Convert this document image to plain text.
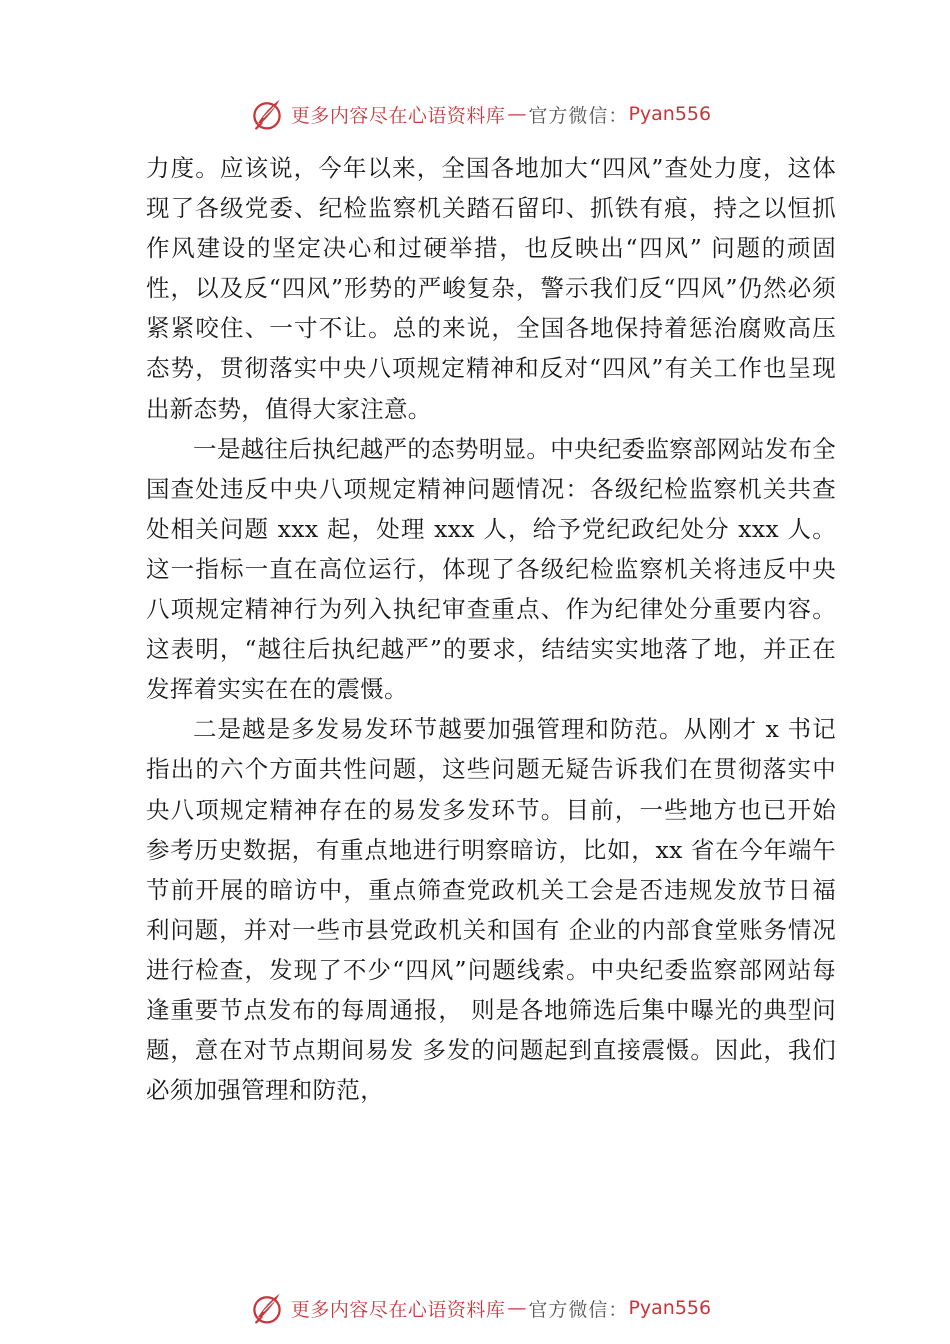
更多内容尽在心语资料库 — 官方微信： Pyan556

力度。应该说，今年以来，全国各地加大“四风”查处力度，这体现了各级党委、纪检监察机关踏石留印、抓铁有痕，持之以恒抓作风建设的坚定决心和过硬举措，也反映出“四风” 问题的顽固性，以及反“四风”形势的严峻复杂，警示我们反“四风”仍然必须紧紧咬住、一寸不让。总的来说，全国各地保持着惩治腐败高压态势，贯彻落实中央八项规定精神和反对“四风”有关工作也呈现出新态势，值得大家注意。

一是越往后执纪越严的态势明显。中央纪委监察部网站发布全国查处违反中央八项规定精神问题情况：各级纪检监察机关共查处相关问题 xxx 起，处理 xxx 人，给予党纪政纪处分 xxx 人。这一指标一直在高位运行，体现了各级纪检监察机关将违反中央八项规定精神行为列入执纪审查重点、作为纪律处分重要内容。这表明，“越往后执纪越严”的要求，结结实实地落了地，并正在发挥着实实在在的震慑。

二是越是多发易发环节越要加强管理和防范。从刚才 x 书记指出的六个方面共性问题，这些问题无疑告诉我们在贯彻落实中央八项规定精神存在的易发多发环节。目前，一些地方也已开始参考历史数据，有重点地进行明察暗访，比如，xx 省在今年端午节前开展的暗访中，重点筛查党政机关工会是否违规发放节日福利问题，并对一些市县党政机关和国有 企业的内部食堂账务情况进行检查，发现了不少“四风”问题线索。中央纪委监察部网站每逢重要节点发布的每周通报， 则是各地筛选后集中曝光的典型问题，意在对节点期间易发 多发的问题起到直接震慑。因此，我们必须加强管理和防范，

更多内容尽在心语资料库 — 官方微信： Pyan556
